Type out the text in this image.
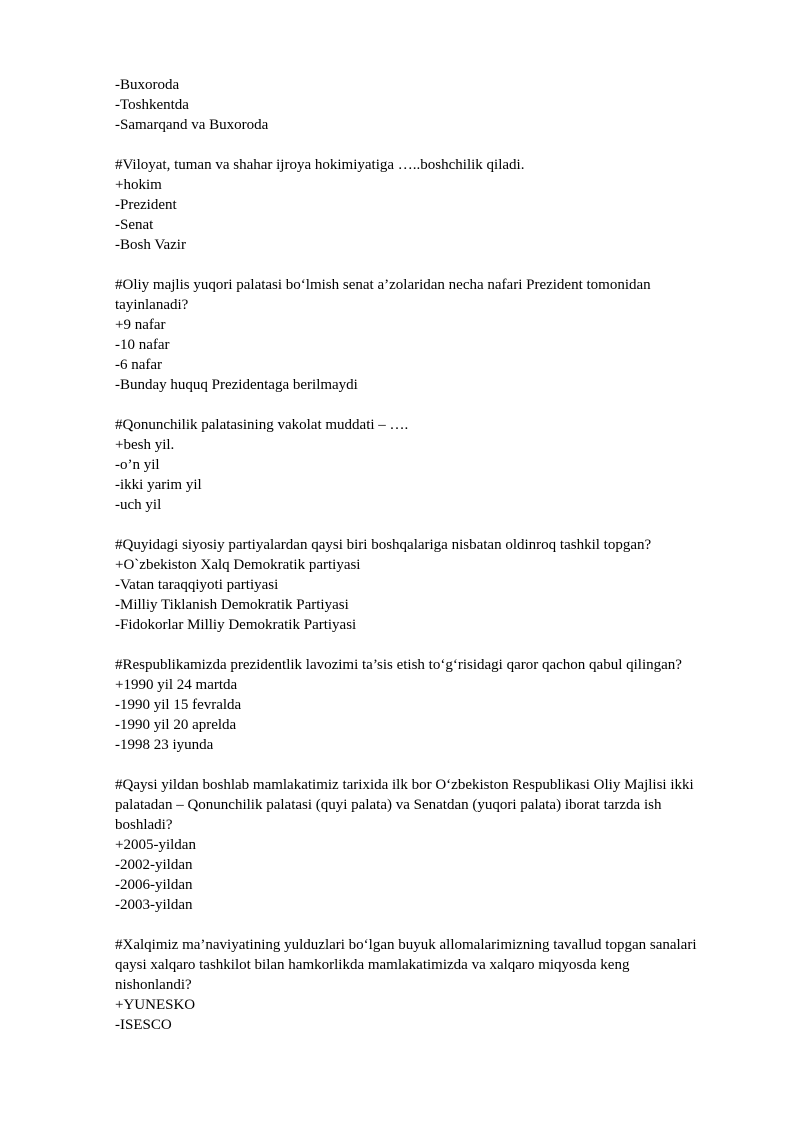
-Buxoroda
-Toshkentda
-Samarqand va Buxoroda
#Viloyat, tuman va shahar ijroya hokimiyatiga …..boshchilik qiladi.
+hokim
-Prezident
-Senat
-Bosh Vazir
#Oliy majlis yuqori palatasi bo‘lmish senat a’zolaridan necha nafari Prezident tomonidan
tayinlanadi?
+9 nafar
-10 nafar
-6 nafar
-Bunday huquq Prezidentaga berilmaydi
#Qonunchilik palatasining vakolat muddati – ….
+besh yil.
-o’n yil
-ikki yarim yil
-uch yil
#Quyidagi siyosiy partiyalardan qaysi biri boshqalariga nisbatan oldinroq tashkil topgan?
+O`zbekiston Xalq Demokratik partiyasi
-Vatan taraqqiyoti partiyasi
-Milliy Tiklanish Demokratik Partiyasi
-Fidokorlar Milliy Demokratik Partiyasi
#Respublikamizda prezidentlik lavozimi ta’sis etish to‘g‘risidagi qaror qachon qabul qilingan?
+1990 yil 24 martda
-1990 yil 15 fevralda
-1990 yil 20 aprelda
-1998 23 iyunda
#Qaysi yildan boshlab mamlakatimiz tarixida ilk bor O‘zbekiston Respublikasi Oliy Majlisi ikki
palatadan – Qonunchilik palatasi (quyi palata) va Senatdan (yuqori palata) iborat tarzda ish
boshladi?
+2005-yildan
-2002-yildan
-2006-yildan
-2003-yildan
#Xalqimiz ma’naviyatining yulduzlari bo‘lgan buyuk allomalarimizning tavallud topgan sanalari
qaysi xalqaro tashkilot bilan hamkorlikda mamlakatimizda va xalqaro miqyosda keng
nishonlandi?
+YUNESKO
-ISESCO
